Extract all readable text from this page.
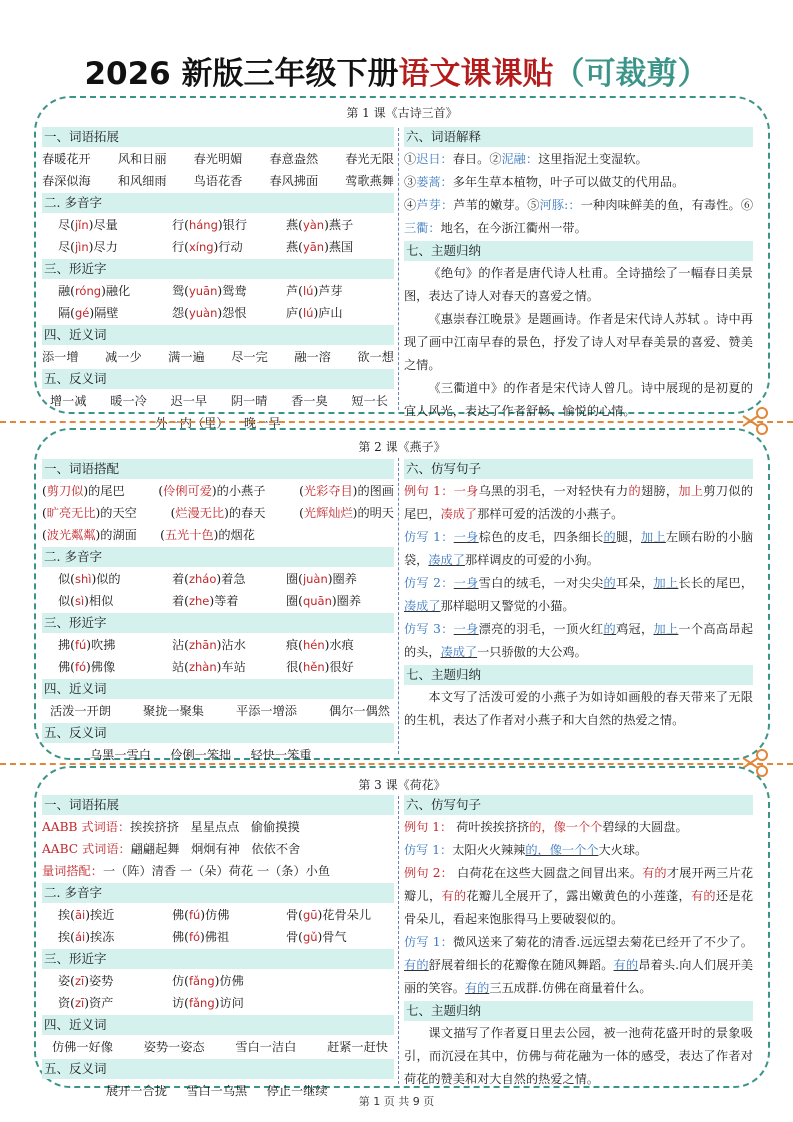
2026 新版三年级下册语文课课贴（可裁剪）
第 1 课《古诗三首》
一、词语拓展
春暖花开 风和日丽 春光明媚 春意盎然 春光无限
春深似海 和风细雨 鸟语花香 春风拂面 莺歌燕舞
二. 多音字
尽(jǐn)尽量	行(háng)银行	燕(yàn)燕子
尽(jìn)尽力	行(xíng)行动	燕(yān)燕国
三、形近字
融(róng)融化	鸳(yuān)鸳鸯	芦(lú)芦芽
隔(gé)隔壁	怨(yuàn)怨恨	庐(lú)庐山
四、近义词
添一增 减一少 满一遍 尽一完 融一溶 欲一想
五、反义词
增一减 暖一冷 迟一早 阴一晴 香一臭 短一长
外一内（里） 晚一早
六、词语解释
①迟日：春日。②泥融：这里指泥土变湿软。
③蒌蒿：多年生草本植物，叶子可以做艾的代用品。
④芦芽：芦苇的嫩芽。⑤河豚:：一种肉味鲜美的鱼，有毒性。⑥三衢：地名，在今浙江衢州一带。
七、主题归纳
《绝句》的作者是唐代诗人杜甫。全诗描绘了一幅春日美景图，表达了诗人对春天的喜爱之情。
《惠崇春江晚景》是题画诗。作者是宋代诗人苏轼 。诗中再现了画中江南早春的景色，抒发了诗人对早春美景的喜爱、赞美之情。
《三衢道中》的作者是宋代诗人曾几。诗中展现的是初夏的宜人风光，表达了作者舒畅、愉悦的心情。
第 2 课《燕子》
一、词语搭配
(剪刀似)的尾巴	(伶俐可爱)的小燕子	(光彩夺目)的图画
(旷亮无比)的天空	(烂漫无比)的春天	(光辉灿烂)的明天
(波光粼粼)的湖面 (五光十色)的烟花
二. 多音字
似(shì)似的	着(zháo)着急	圈(juàn)圈养
似(sì)相似	着(zhe)等着	圈(quān)圈养
三、形近字
拂(fú)吹拂	沾(zhān)沾水	痕(hén)水痕
佛(fó)佛像	站(zhàn)车站	很(hěn)很好
四、近义词
活泼一开朗	聚拢一聚集	平添一增添	偶尔一偶然
五、反义词
乌黑一雪白 伶俐一笨拙 轻快一笨重
六、仿写句子
例句 1：一身乌黑的羽毛，一对轻快有力的翅膀，加上剪刀似的尾巴，凑成了那样可爱的活泼的小燕子。
仿写 1：一身棕色的皮毛，四条细长的腿，加上左顾右盼的小脑袋，凑成了那样调皮的可爱的小狗。
仿写 2：一身雪白的绒毛，一对尖尖的耳朵，加上长长的尾巴，凑成了那样聪明又警觉的小猫。
仿写 3：一身漂亮的羽毛，一顶火红的鸡冠，加上一个高高昂起的头，凑成了一只骄傲的大公鸡。
七、主题归纳
本文写了活泼可爱的小燕子为如诗如画般的春天带来了无限的生机，表达了作者对小燕子和大自然的热爱之情。
第 3 课《荷花》
一、词语拓展
AABB 式词语：挨挨挤挤 星星点点 偷偷摸摸
AABC 式词语：翩翩起舞 炯炯有神 依依不舍
量词搭配：一（阵）清香 一（朵）荷花 一（条）小鱼
二. 多音字
挨(āi)挨近	佛(fú)仿佛	骨(gū)花骨朵儿
挨(ái)挨冻	佛(fó)佛祖	骨(gǔ)骨气
三、形近字
姿(zī)姿势	仿(fǎng)仿佛
资(zī)资产	访(fǎng)访问
四、近义词
仿佛一好像	姿势一姿态	雪白一洁白	赶紧一赶快
五、反义词
展开一合拢 雪白一乌黑 停止一继续
六、仿写句子
例句 1： 荷叶挨挨挤挤的，像一个个碧绿的大圆盘。
仿写 1：太阳火火辣辣的，像一个个大火球。
例句 2： 白荷花在这些大圆盘之间冒出来。有的才展开两三片花瓣儿，有的花瓣儿全展开了，露出嫩黄色的小莲蓬，有的还是花骨朵儿，看起来饱胀得马上要破裂似的。
仿写 1：微风送来了菊花的清香.远远望去菊花已经开了不少了。有的舒展着细长的花瓣像在随风舞蹈。有的昂着头.向人们展开美丽的笑容。有的三五成群.仿佛在商量着什么。
七、主题归纳
课文描写了作者夏日里去公园，被一池荷花盛开时的景象吸引，而沉浸在其中，仿佛与荷花融为一体的感受，表达了作者对荷花的赞美和对大自然的热爱之情。
第 1 页 共 9 页
